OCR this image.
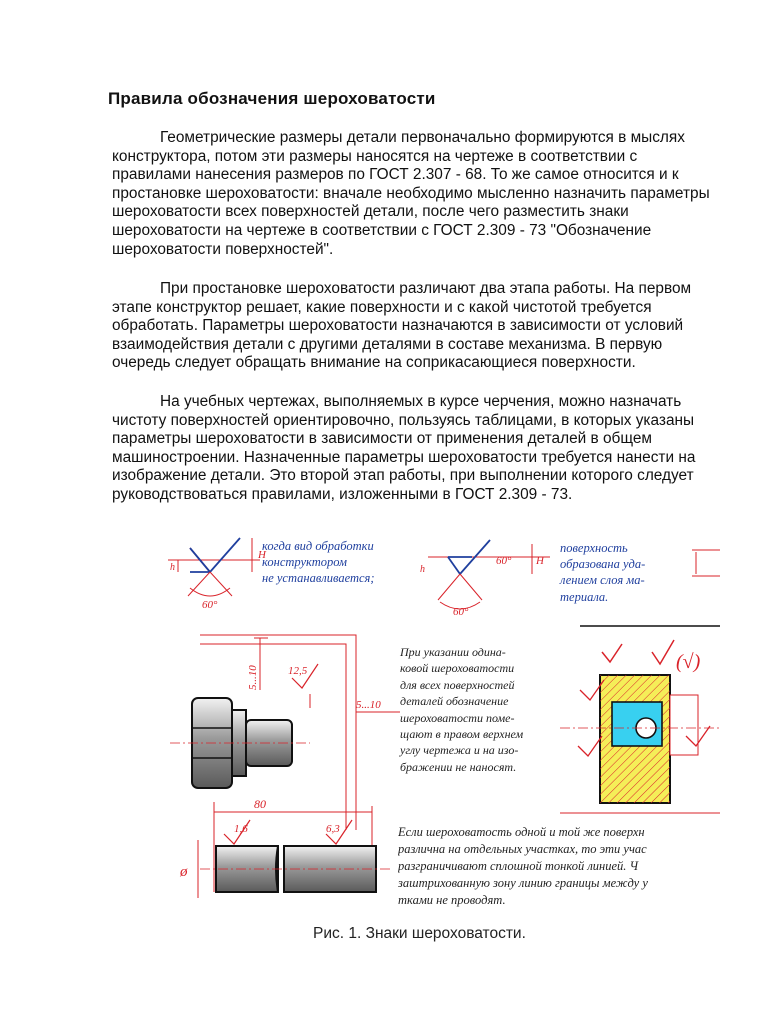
Правила обозначения шероховатости

Геометрические размеры детали первоначально формируются в мыслях конструктора, потом эти размеры наносятся на чертеже в соответствии с правилами нанесения размеров по ГОСТ 2.307 - 68. То же самое относится и к простановке шероховатости: вначале необходимо мысленно назначить параметры шероховатости всех поверхностей детали, после чего разместить знаки шероховатости на чертеже в соответствии с ГОСТ 2.309 - 73 "Обозначение шероховатости поверхностей".

При простановке шероховатости различают два этапа работы. На первом этапе конструктор решает, какие поверхности и с какой чистотой требуется обработать. Параметры шероховатости назначаются в зависимости от условий взаимодействия детали с другими деталями в составе механизма. В первую очередь следует обращать внимание на соприкасающиеся поверхности.

На учебных чертежах, выполняемых в курсе черчения, можно назначать чистоту поверхностей ориентировочно, пользуясь таблицами, в которых указаны параметры шероховатости в зависимости от применения деталей в общем машиностроении. Назначенные параметры шероховатости требуется нанести на изображение детали. Это второй этап работы, при выполнении которого следует руководствоваться правилами, изложенными в ГОСТ 2.309 - 73.

h
H
60°
h
H
60°
60°
5...10
5...10
12,5	(√)
80
ø
1,6	6,3
когда вид обработки
конструктором
не устанавливается;
поверхность
образована уда-
лением слоя ма-
териала.
При указании одина-
ковой шероховатости
для всех поверхностей
деталей обозначение
шероховатости поме-
щают в правом верхнем
углу чертежа и на изо-
бражении не наносят.
Если шероховатость одной и той же поверхн
различна на отдельных участках, то эти учас
разграничивают сплошной тонкой линией. Ч
заштрихованную зону линию границы между у
тками не проводят.
Рис. 1. Знаки шероховатости.
